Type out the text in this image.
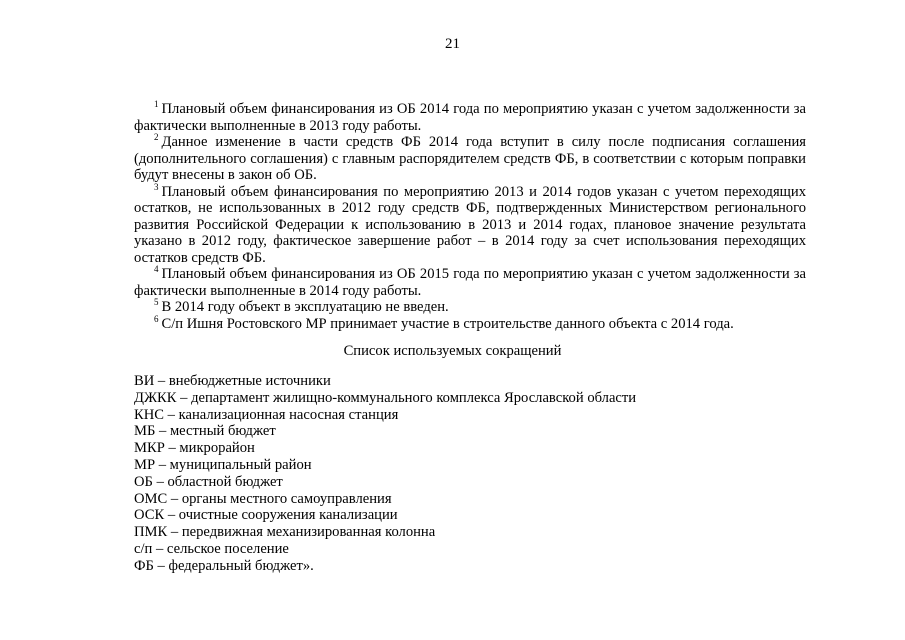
21

$^1$ Плановый объем финансирования из ОБ 2014 года по мероприятию указан с учетом задолженности за фактически выполненные в 2013 году работы.

$^2$ Данное изменение в части средств ФБ 2014 года вступит в силу после подписания соглашения (дополнительного соглашения) с главным распорядителем средств ФБ, в соответствии с которым поправки будут внесены в закон об ОБ.

$^3$ Плановый объем финансирования по мероприятию 2013 и 2014 годов указан с учетом переходящих остатков, не использованных в 2012 году средств ФБ, подтвержденных Министерством регионального развития Российской Федерации к использованию в 2013 и 2014 годах, плановое значение результата указано в 2012 году, фактическое завершение работ – в 2014 году за счет использования переходящих остатков средств ФБ.

$^4$ Плановый объем финансирования из ОБ 2015 года по мероприятию указан с учетом задолженности за фактически выполненные в 2014 году работы.

$^5$ В 2014 году объект в эксплуатацию не введен.

$^6$ С/п Ишня Ростовского МР принимает участие в строительстве данного объекта с 2014 года.

Список используемых сокращений
ВИ – внебюджетные источники
ДЖКК – департамент жилищно-коммунального комплекса Ярославской области
КНС – канализационная насосная станция
МБ – местный бюджет
МКР – микрорайон
МР – муниципальный район
ОБ – областной бюджет
ОМС – органы местного самоуправления
ОСК – очистные сооружения канализации
ПМК – передвижная механизированная колонна
с/п – сельское поселение
ФБ – федеральный бюджет».
